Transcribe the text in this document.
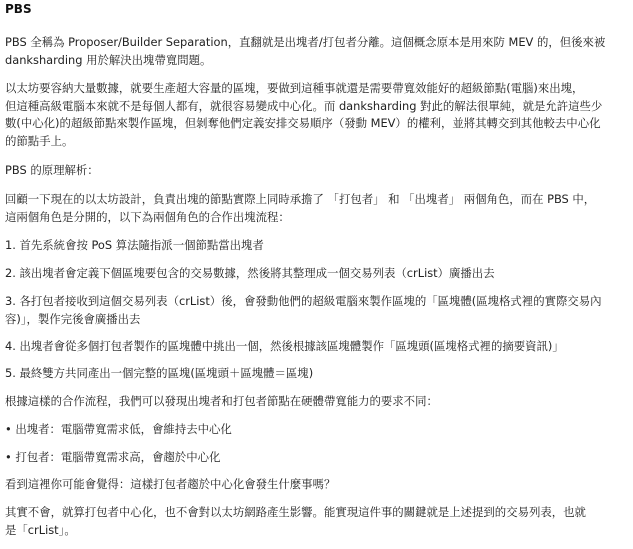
PBS
PBS 全稱為 Proposer/Builder Separation，直翻就是出塊者/打包者分離。這個概念原本是用來防 MEV 的，但後來被
danksharding 用於解決出塊帶寬問題。
以太坊要容納大量數據，就要生產超大容量的區塊，要做到這種事就還是需要帶寬效能好的超級節點(電腦)來出塊，
但這種高級電腦本來就不是每個人都有，就很容易變成中心化。而 danksharding 對此的解法很單純，就是允許這些少
數(中心化)的超級節點來製作區塊，但剝奪他們定義安排交易順序（發動 MEV）的權利，並將其轉交到其他較去中心化
的節點手上。
PBS 的原理解析：
回顧一下現在的以太坊設計，負責出塊的節點實際上同時承擔了 「打包者」 和 「出塊者」 兩個角色，而在 PBS 中，
這兩個角色是分開的，以下為兩個角色的合作出塊流程：
1. 首先系統會按 PoS 算法隨指派一個節點當出塊者
2. 該出塊者會定義下個區塊要包含的交易數據，然後將其整理成一個交易列表（crList）廣播出去
3. 各打包者接收到這個交易列表（crList）後，會發動他們的超級電腦來製作區塊的「區塊體(區塊格式裡的實際交易內
容)」，製作完後會廣播出去
4. 出塊者會從多個打包者製作的區塊體中挑出一個，然後根據該區塊體製作「區塊頭(區塊格式裡的摘要資訊)」
5. 最終雙方共同產出一個完整的區塊(區塊頭＋區塊體＝區塊)
根據這樣的合作流程，我們可以發現出塊者和打包者節點在硬體帶寬能力的要求不同：
• 出塊者：電腦帶寬需求低，會維持去中心化
• 打包者：電腦帶寬需求高，會趨於中心化
看到這裡你可能會覺得：這樣打包者趨於中心化會發生什麼事嗎？
其實不會，就算打包者中心化，也不會對以太坊網路產生影響。能實現這件事的關鍵就是上述提到的交易列表，也就
是「crList」。
